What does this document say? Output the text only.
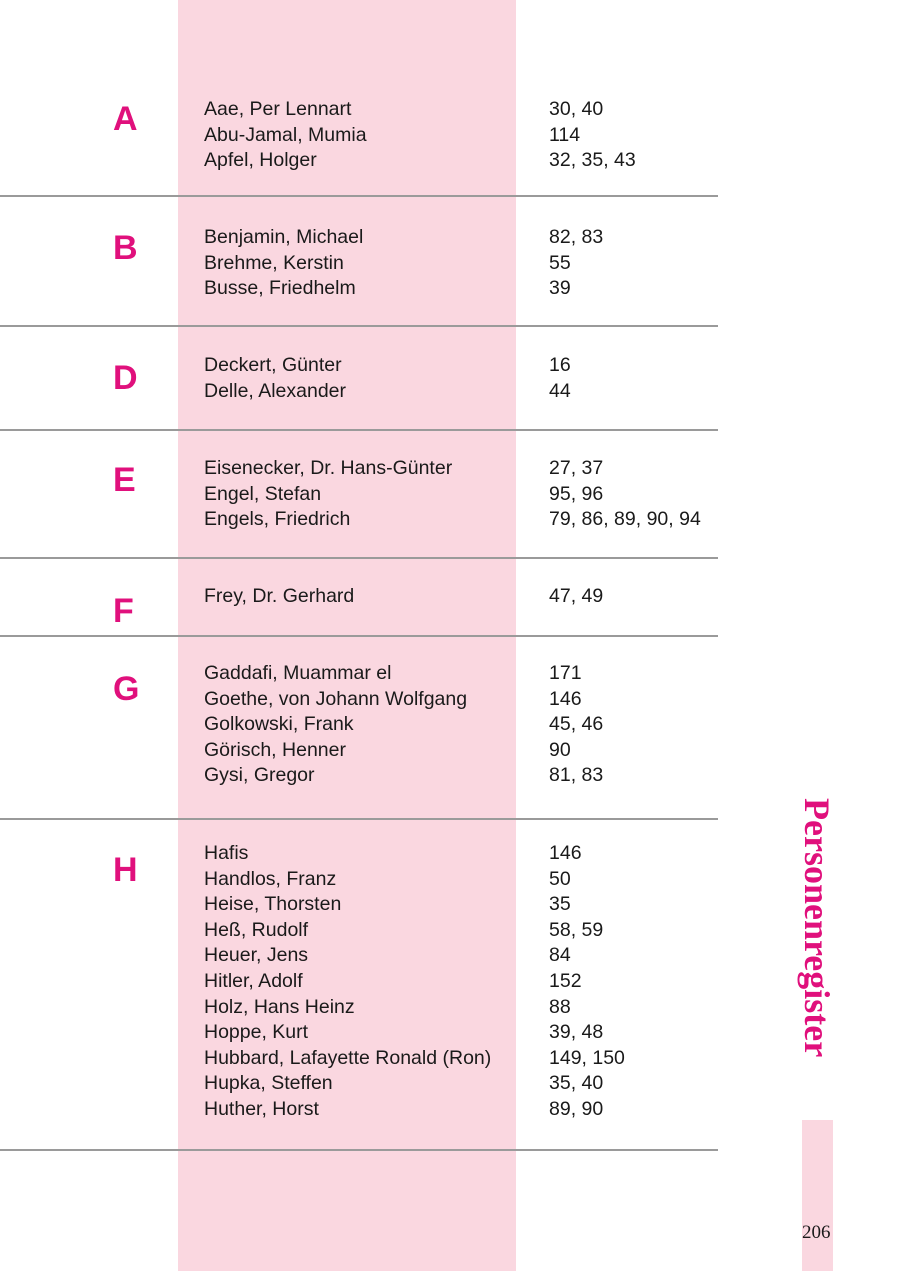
A	Aae, Per Lennart	30, 40
Abu-Jamal, Mumia	114
Apfel, Holger	32, 35, 43
B	Benjamin, Michael	82, 83
Brehme, Kerstin	55
Busse, Friedhelm	39
D	Deckert, Günter	16
Delle, Alexander	44
E	Eisenecker, Dr. Hans-Günter	27, 37
Engel, Stefan	95, 96
Engels, Friedrich	79, 86, 89, 90, 94
F	Frey, Dr. Gerhard	47, 49
G	Gaddafi, Muammar el	171
Goethe, von Johann Wolfgang	146
Golkowski, Frank	45, 46
Görisch, Henner	90
Gysi, Gregor	81, 83
H	Hafis	146
Handlos, Franz	50
Heise, Thorsten	35
Heß, Rudolf	58, 59
Heuer, Jens	84
Hitler, Adolf	152
Holz, Hans Heinz	88
Hoppe, Kurt	39, 48
Hubbard, Lafayette Ronald (Ron)	149, 150
Hupka, Steffen	35, 40
Huther, Horst	89, 90
Personenregister
206
